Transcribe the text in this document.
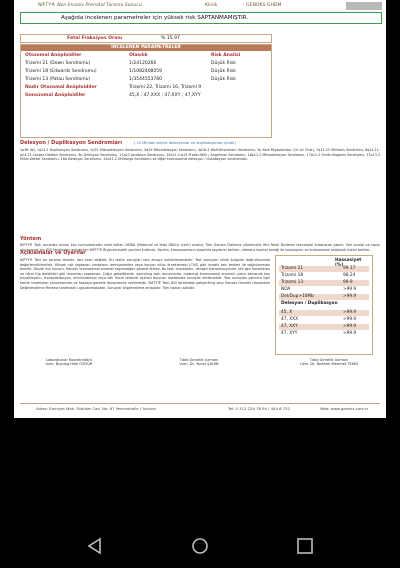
NIFTY® Non-İnvaziv Prenatal Tarama Sonucu	Klinik	: GENOKS GHDM
Aşağıda incelenen parametreler için yüksek risk SAPTANMAMIŞTIR.
Fetal Fraksiyon Oranı	% 15.97
İNCELENEN PARAMETRELER
Otozomal Anöploidiler	Olasılık	Risk Analizi
Trizomi 21 (Down Sendromu)	1/24120266	Düşük Risk
Trizomi 18 (Edwards Sendromu)	1/1082408059	Düşük Risk
Trizomi 13 (Patau Sendromu)	1/3544553780	Düşük Risk
Nadir Otozomal Anöploidiler	Trizomi 22, Trizomi 16, Trizomi 9
Gonozomal Anöploidiler	45,X ; 47,XXX ; 47,XXY ; 47,XYY
Delesyon / Duplikasyon Sendromları	( 10 Mb'dan büyük delesyonlar ve duplikasyonlar içindir)
1p36 del, 1q21.1 Duplikasyon Sendromu, 2q37 Mikrodelesyon Sendromu, 3q29 Mikrodelesyon Sendromu, 4p16.3 Wolf-Hirschhorn Sendromu, 5p Kedi Miyavlaması (Cri du Chat), 7q11.23 Williams Sendromu, 8q24.11-q24.13 Langer-Giedion Sendromu, 9p Delesyon Sendromu, 11q23 Jacobsen Sendromu, 15q11.2-q13 Prader-Willi / Angelman Sendromu, 16p11.2 Mikrodelesyon Sendromu, 17p11.2 Smith-Magenis Sendromu, 17p13.3 Miller-Dieker Sendromu, 18q Delesyon Sendromu, 22q11.2 DiGeorge Sendromu ve diğer kromozomal delesyon / duplikasyon sendromları.
Yöntem
NIFTY® Test; anneden alınan kan numunesinden izole edilen cfDNA (Maternal ve fetal DNA'yı içerir) analizi; Tüm Genom Dizileme yöntemiyle Yeni Nesil Dizileme teknolojisi kullanarak yapılır. Veri analizi ve rapor oluşturmak için BGI tarafından geliştirilen NIFTY® Biyoinformatik yazılımı kullanılır. Yazılım, kromozomların olasılıkla sayılarını belirler, referans kontrol örneği ile karşılaştırır ve kromozomal anöploidi riskini belirler.
Açıklamalar ve Uyarılar
NIFTY® Test bir tarama testidir, tanı testi değildir. Bu testin sonuçları tanı amaçlı kullanılmamalıdır. Test sonuçları klinik bulgular doğrultusunda değerlendirilmelidir. Yüksek risk saptanan hastaların amniyosentez veya koryon villus örneklemesi (CVS) gibi invaziv tanı testleri ile doğrulanması önerilir. Düşük risk sonucu, fetüsün kromozomal anomali taşımadığını garanti etmez. Bu test; mozaisizm, dengeli translokasyonlar, tek gen hastalıkları ve nöral tüp defektleri gibi durumları saptamaz. Çoğul gebeliklerde, vanishing twin durumunda, maternal kromozomal anomali, yakın zamanda kan transfüzyonu, transplantasyon, immünoterapi veya kök hücre tedavisi öyküsü bulunan hastalarda sonuçlar etkilenebilir. Test sonuçları yalnızca ilgili hekim tarafından yorumlanmalı ve hastaya genetik danışmanlık verilmelidir. NIFTY® Test; BGI tarafından geliştirilmiş olup Genoks Genetik Hastalıklar Değerlendirme Merkezi tarafından uygulanmaktadır. Sonuçlar bilgilendirme amaçlıdır. Tüm hakları saklıdır.
Hassasiyet
Trizomi 21	99.17
Trizomi 18	98.24
Trizomi 13	99.9
NOA	>99.9
Del/Dup>10Mb	>99.9
Delesyon / Duplikasyon
45, X	>99.9
47, XXX	>99.9
47, XXY	>99.9
47, XYY	>99.9
Laboratuvar Koordinatörü
Uzm. Biyolog Hilal ÖZGÜR
Tıbbi Genetik Uzmanı
Uzm. Dr. Yavuz ŞAHİN
Tıbbi Genetik Uzmanı
Uzm. Dr. İbrahim Mehmet TEKİN
Adres: Emniyet Mah. Silahtar Cad. No: 67 Yenimahalle / Ankara	Tel: 0 312 229 78 59 / 444 6 732	Web: www.genoks.com.tr
